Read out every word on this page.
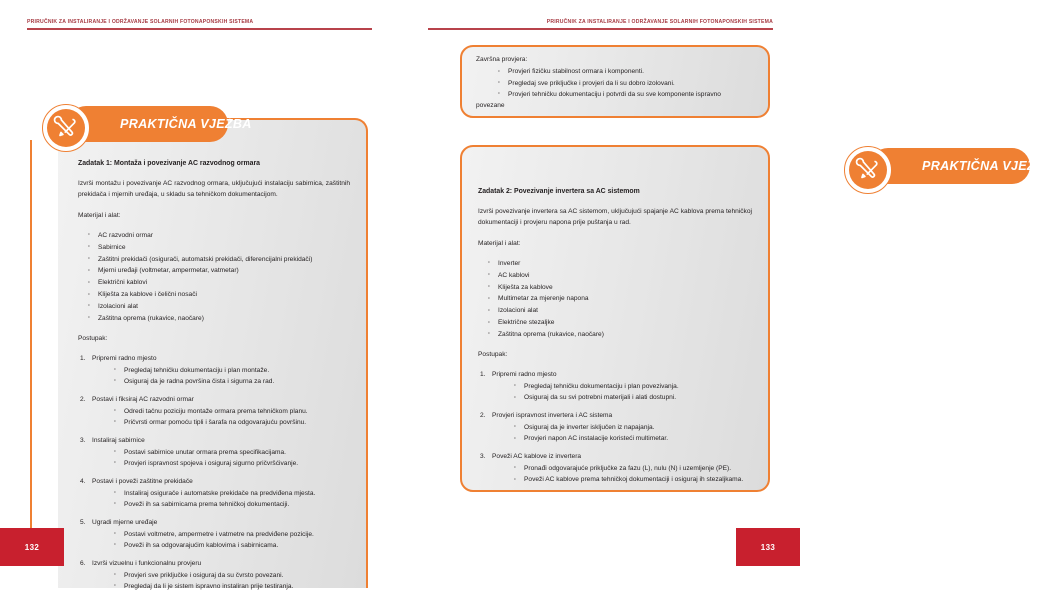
PRIRUČNIK ZA INSTALIRANJE I ODRŽAVANJE SOLARNIH FOTONAPONSKIH SISTEMA
PRAKTIČNA VJEŽBA

Zadatak 1: Montaža i povezivanje AC razvodnog ormara

Izvrši montažu i povezivanje AC razvodnog ormara, uključujući instalaciju sabirnica, zaštitnih prekidača i mjernih uređaja, u skladu sa tehničkom dokumentacijom.

Materijal i alat:

· AC razvodni ormar
· Sabirnice
· Zaštitni prekidači (osigurači, automatski prekidači, diferencijalni prekidači)
· Mjerni uređaji (voltmetar, ampermetar, vatmetar)
· Električni kablovi
· Kliješta za kablove i čelični nosači
· Izolacioni alat
· Zaštitna oprema (rukavice, naočare)

Postupak:

1. Pripremi radno mjesto
· Pregledaj tehničku dokumentaciju i plan montaže.
· Osiguraj da je radna površina čista i sigurna za rad.
2. Postavi i fiksiraj AC razvodni ormar
· Odredi tačnu poziciju montaže ormara prema tehničkom planu.
· Pričvrsti ormar pomoću tipli i šarafa na odgovarajuću površinu.
3. Instaliraj sabirnice
· Postavi sabirnice unutar ormara prema specifikacijama.
· Provjeri ispravnost spojeva i osiguraj sigurno pričvršćivanje.
4. Postavi i poveži zaštitne prekidače
· Instaliraj osigurače i automatske prekidače na predviđena mjesta.
· Poveži ih sa sabirnicama prema tehničkoj dokumentaciji.
5. Ugradi mjerne uređaje
· Postavi voltmetre, ampermetre i vatmetre na predviđene pozicije.
· Poveži ih sa odgovarajućim kablovima i sabirnicama.
6. Izvrši vizuelnu i funkcionalnu provjeru
· Provjeri sve priključke i osiguraj da su čvrsto povezani.
· Pregledaj da li je sistem ispravno instaliran prije testiranja.
132
PRIRUČNIK ZA INSTALIRANJE I ODRŽAVANJE SOLARNIH FOTONAPONSKIH SISTEMA

Završna provjera:

· Provjeri fizičku stabilnost ormara i komponenti.
· Pregledaj sve priključke i provjeri da li su dobro izolovani.
· Provjeri tehničku dokumentaciju i potvrdi da su sve komponente ispravno

povezane

PRAKTIČNA VJEŽBA

Zadatak 2: Povezivanje invertera sa AC sistemom

Izvrši povezivanje invertera sa AC sistemom, uključujući spajanje AC kablova prema tehničkoj dokumentaciji i provjeru napona prije puštanja u rad.

Materijal i alat:

· Inverter
· AC kablovi
· Kliješta za kablove
· Multimetar za mjerenje napona
· Izolacioni alat
· Električne stezaljke
· Zaštitna oprema (rukavice, naočare)

Postupak:

1. Pripremi radno mjesto
· Pregledaj tehničku dokumentaciju i plan povezivanja.
· Osiguraj da su svi potrebni materijali i alati dostupni.
2. Provjeri ispravnost invertera i AC sistema
· Osiguraj da je inverter isključen iz napajanja.
· Provjeri napon AC instalacije koristeći multimetar.
3. Poveži AC kablove iz invertera
· Pronađi odgovarajuće priključke za fazu (L), nulu (N) i uzemljenje (PE).
· Poveži AC kablove prema tehničkoj dokumentaciji i osiguraj ih stezaljkama.
133
